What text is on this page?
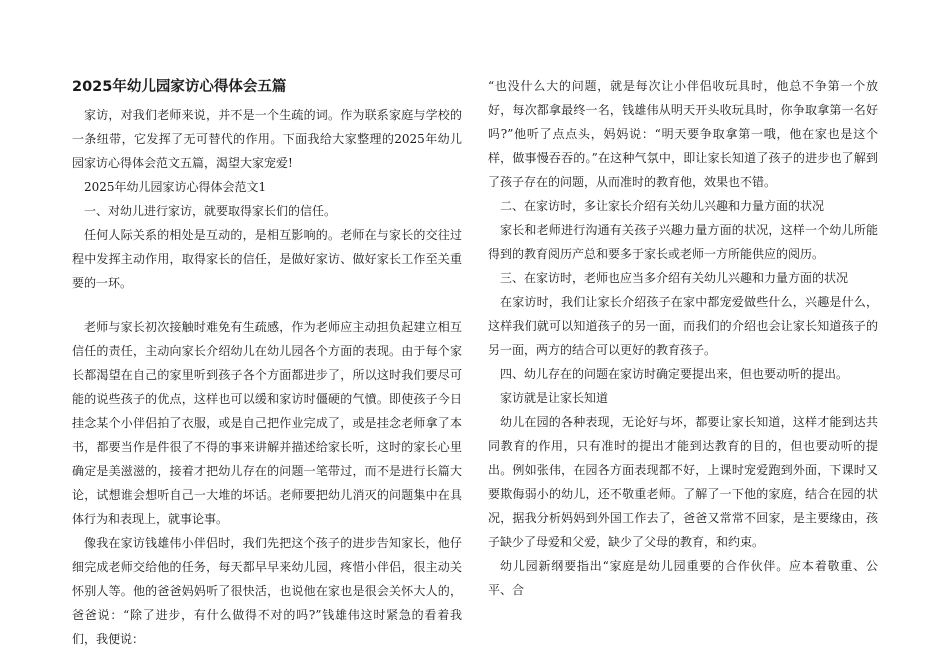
2025年幼儿园家访心得体会五篇

家访，对我们老师来说，并不是一个生疏的词。作为联系家庭与学校的一条纽带，它发挥了无可替代的作用。下面我给大家整理的2025年幼儿园家访心得体会范文五篇，渴望大家宠爱!

2025年幼儿园家访心得体会范文1

一、对幼儿进行家访，就要取得家长们的信任。

任何人际关系的相处是互动的，是相互影响的。老师在与家长的交往过程中发挥主动作用，取得家长的信任，是做好家访、做好家长工作至关重要的一环。

老师与家长初次接触时难免有生疏感，作为老师应主动担负起建立相互信任的责任，主动向家长介绍幼儿在幼儿园各个方面的表现。由于每个家长都渴望在自己的家里听到孩子各个方面都进步了，所以这时我们要尽可能的说些孩子的优点，这样也可以缓和家访时僵硬的气憤。即使孩子今日挂念某个小伴侣拍了衣服，或是自己把作业完成了，或是挂念老师拿了本书，都要当作是件很了不得的事来讲解并描述给家长听，这时的家长心里确定是美滋滋的，接着才把幼儿存在的问题一笔带过，而不是进行长篇大论，试想谁会想听自己一大堆的坏话。老师要把幼儿消灭的问题集中在具体行为和表现上，就事论事。

像我在家访钱雄伟小伴侣时，我们先把这个孩子的进步告知家长，他仔细完成老师交给他的任务，每天都早早来幼儿园，疼惜小伴侣，很主动关怀别人等。他的爸爸妈妈听了很快活，也说他在家也是很会关怀大人的，爸爸说：“除了进步，有什么做得不对的吗?”钱雄伟这时紧急的看着我们，我便说：

“也没什么大的问题，就是每次让小伴侣收玩具时，他总不争第一个放好，每次都拿最终一名，钱雄伟从明天开头收玩具时，你争取拿第一名好吗?”他听了点点头，妈妈说：“明天要争取拿第一哦，他在家也是这个样，做事慢吞吞的。”在这种气氛中，即让家长知道了孩子的进步也了解到了孩子存在的问题，从而准时的教育他，效果也不错。

二、在家访时，多让家长介绍有关幼儿兴趣和力量方面的状况

家长和老师进行沟通有关孩子兴趣力量方面的状况，这样一个幼儿所能得到的教育阅历产总和要多于家长或老师一方所能供应的阅历。

三、在家访时，老师也应当多介绍有关幼儿兴趣和力量方面的状况

在家访时，我们让家长介绍孩子在家中都宠爱做些什么，兴趣是什么，这样我们就可以知道孩子的另一面，而我们的介绍也会让家长知道孩子的另一面，两方的结合可以更好的教育孩子。

四、幼儿存在的问题在家访时确定要提出来，但也要动听的提出。

家访就是让家长知道

幼儿在园的各种表现，无论好与坏，都要让家长知道，这样才能到达共同教育的作用，只有准时的提出才能到达教育的目的，但也要动听的提出。例如张伟，在园各方面表现都不好，上课时宠爱跑到外面，下课时又要欺侮弱小的幼儿，还不敬重老师。了解了一下他的家庭，结合在园的状况，据我分析妈妈到外国工作去了，爸爸又常常不回家，是主要缘由，孩子缺少了母爱和父爱，缺少了父母的教育，和约束。

幼儿园新纲要指出“家庭是幼儿园重要的合作伙伴。应本着敬重、公平、合
